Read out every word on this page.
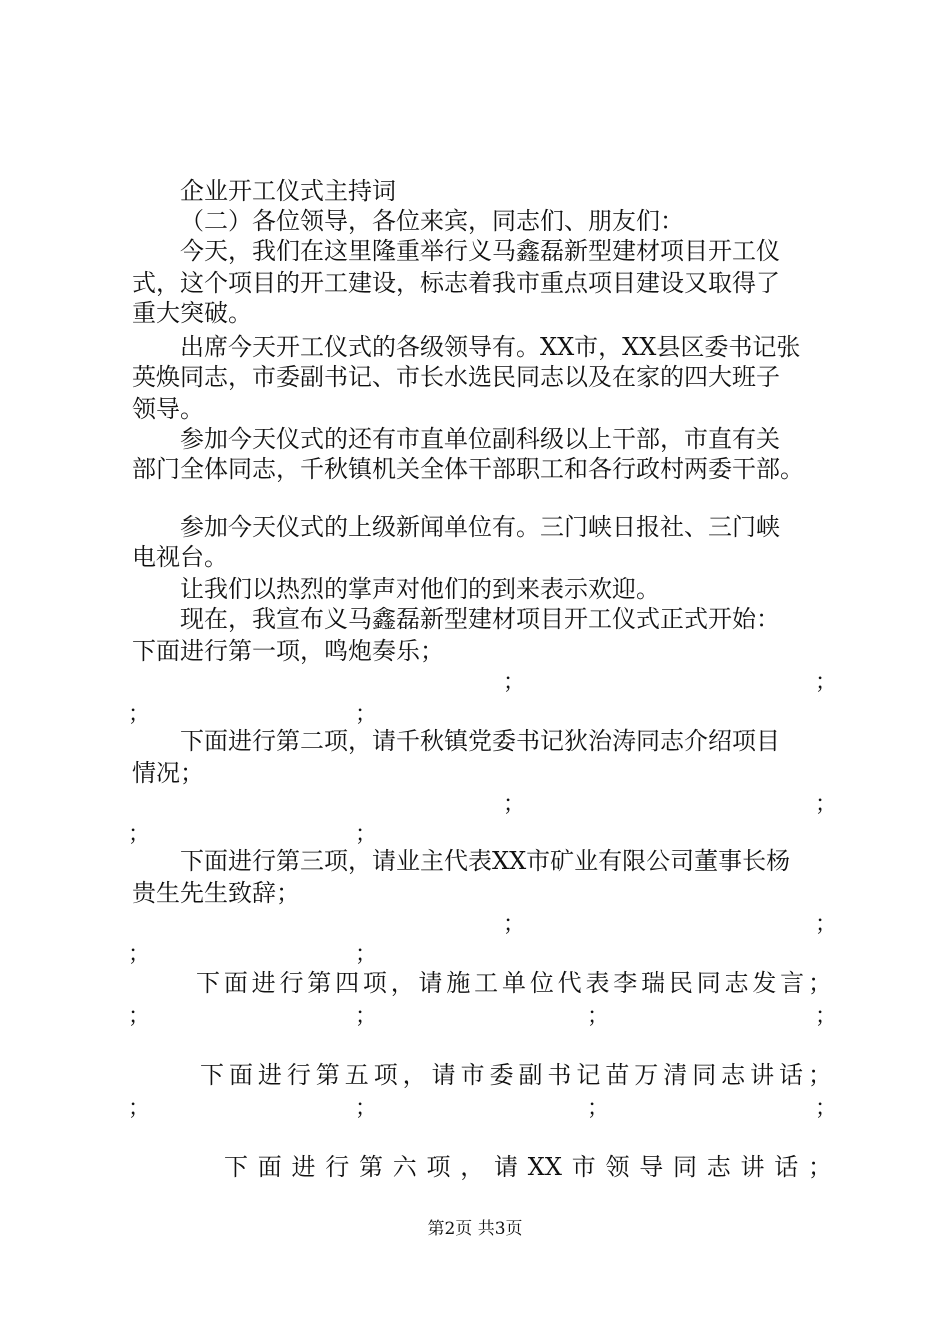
企业开工仪式主持词
（二）各位领导，各位来宾，同志们、朋友们：
今天，我们在这里隆重举行义马鑫磊新型建材项目开工仪
式，这个项目的开工建设，标志着我市重点项目建设又取得了
重大突破。
出席今天开工仪式的各级领导有。XX市，XX县区委书记张
英焕同志，市委副书记、市长水选民同志以及在家的四大班子
领导。
参加今天仪式的还有市直单位副科级以上干部，市直有关
部门全体同志，千秋镇机关全体干部职工和各行政村两委干部。
参加今天仪式的上级新闻单位有。三门峡日报社、三门峡
电视台。
让我们以热烈的掌声对他们的到来表示欢迎。
现在，我宣布义马鑫磊新型建材项目开工仪式正式开始：
下面进行第一项，鸣炮奏乐；
；	；
；	；
下面进行第二项，请千秋镇党委书记狄治涛同志介绍项目
情况；
；	；
；	；
下面进行第三项，请业主代表XX市矿业有限公司董事长杨
贵生先生致辞；
；	；
；	；
下面进行第四项，请施工单位代表李瑞民同志发言；
；	；	；	；
下面进行第五项，请市委副书记苗万清同志讲话；
；	；	；	；
下面进行第六项，请XX市领导同志讲话；
第2页 共3页
